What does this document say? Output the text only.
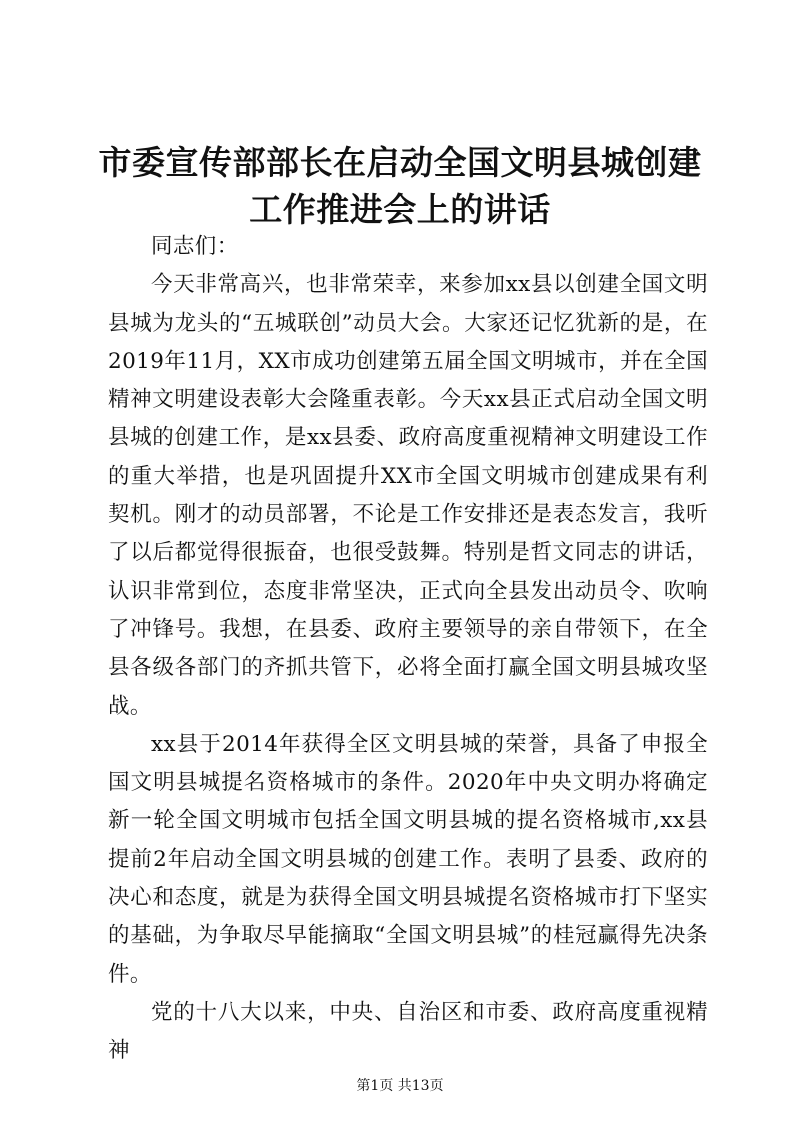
市委宣传部部长在启动全国文明县城创建工作推进会上的讲话

同志们：

今天非常高兴，也非常荣幸，来参加xx县以创建全国文明县城为龙头的“五城联创”动员大会。大家还记忆犹新的是，在2019年11月，XX市成功创建第五届全国文明城市，并在全国精神文明建设表彰大会隆重表彰。今天xx县正式启动全国文明县城的创建工作，是xx县委、政府高度重视精神文明建设工作的重大举措，也是巩固提升XX市全国文明城市创建成果有利契机。刚才的动员部署，不论是工作安排还是表态发言，我听了以后都觉得很振奋，也很受鼓舞。特别是哲文同志的讲话，认识非常到位，态度非常坚决，正式向全县发出动员令、吹响了冲锋号。我想，在县委、政府主要领导的亲自带领下，在全县各级各部门的齐抓共管下，必将全面打赢全国文明县城攻坚战。

xx县于2014年获得全区文明县城的荣誉，具备了申报全国文明县城提名资格城市的条件。2020年中央文明办将确定新一轮全国文明城市包括全国文明县城的提名资格城市,xx县提前2年启动全国文明县城的创建工作。表明了县委、政府的决心和态度，就是为获得全国文明县城提名资格城市打下坚实的基础，为争取尽早能摘取“全国文明县城”的桂冠赢得先决条件。

党的十八大以来，中央、自治区和市委、政府高度重视精神

第1页 共13页
